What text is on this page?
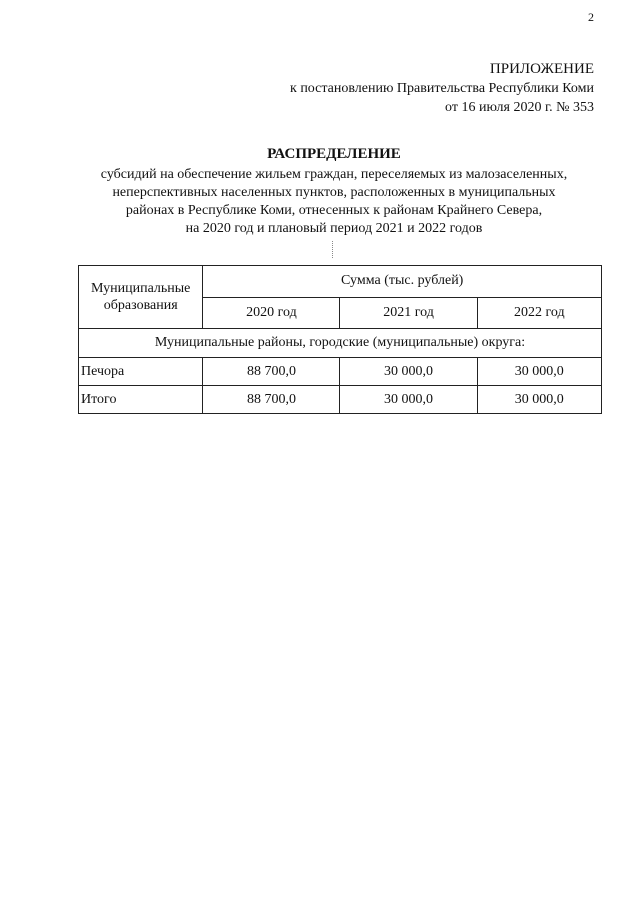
2
ПРИЛОЖЕНИЕ
к постановлению Правительства Республики Коми
от 16 июля 2020 г. № 353
РАСПРЕДЕЛЕНИЕ
субсидий на обеспечение жильем граждан, переселяемых из малозаселенных,
неперспективных населенных пунктов, расположенных в муниципальных
районах в Республике Коми, отнесенных к районам Крайнего Севера,
на 2020 год и плановый период 2021 и 2022 годов
Муниципальные
образования	Сумма (тыс. рублей)		
	2020 год	2021 год	2022 год
Муниципальные районы, городские (муниципальные) округа:			
Печора	88 700,0	30 000,0	30 000,0
Итого	88 700,0	30 000,0	30 000,0
